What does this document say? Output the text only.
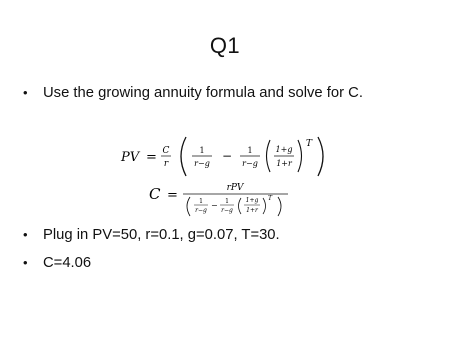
Q1
• Use the growing annuity formula and solve for C.
• Plug in PV=50, r=0.1, g=0.07, T=30.
• C=4.06
PV = C
r
1
r−g
− 1
r−g
1+g
1+r
T
C =	rPV
1
r−g
− 1
r−g
1+g
1+r
T
